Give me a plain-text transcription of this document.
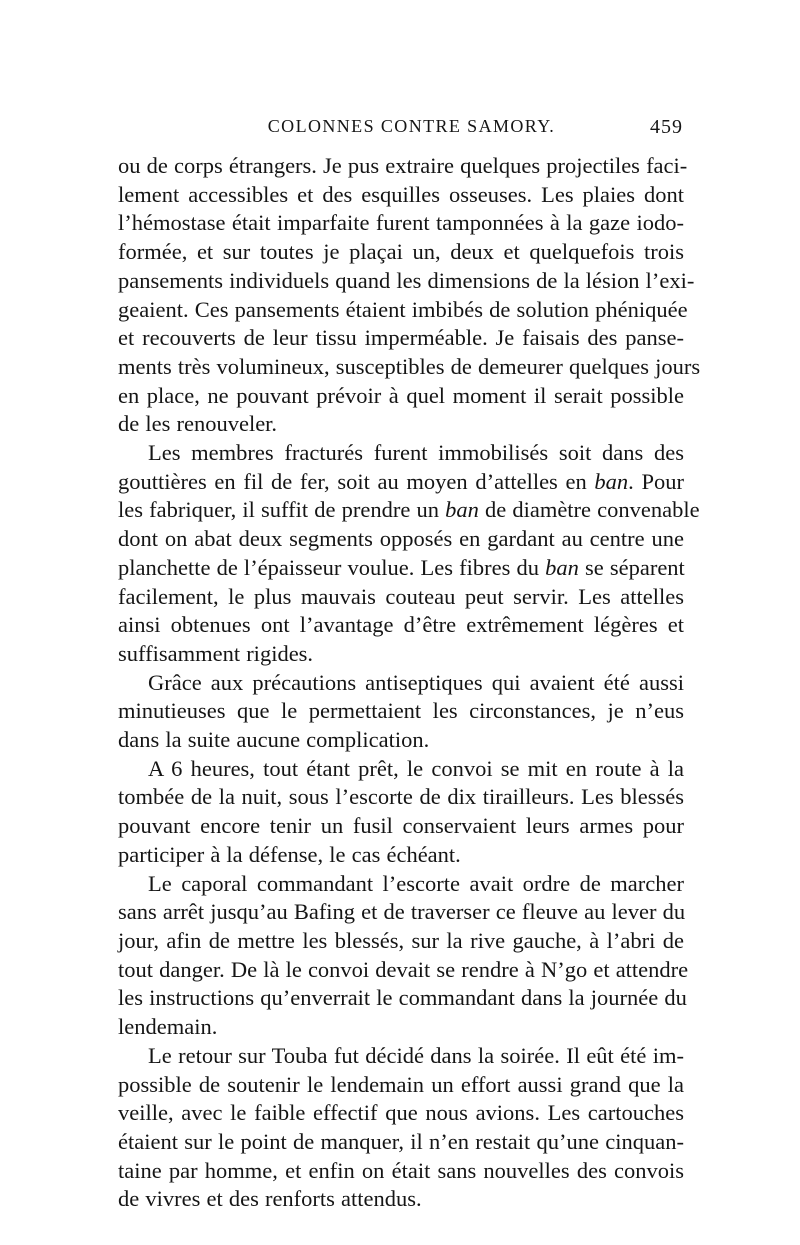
COLONNES CONTRE SAMORY.	459
ou de corps étrangers. Je pus extraire quelques projectiles faci-
lement accessibles et des esquilles osseuses. Les plaies dont
l’hémostase était imparfaite furent tamponnées à la gaze iodo-
formée, et sur toutes je plaçai un, deux et quelquefois trois
pansements individuels quand les dimensions de la lésion l’exi-
geaient. Ces pansements étaient imbibés de solution phéniquée
et recouverts de leur tissu imperméable. Je faisais des panse-
ments très volumineux, susceptibles de demeurer quelques jours
en place, ne pouvant prévoir à quel moment il serait possible
de les renouveler.
Les membres fracturés furent immobilisés soit dans des
gouttières en fil de fer, soit au moyen d’attelles en ban. Pour
les fabriquer, il suffit de prendre un ban de diamètre convenable
dont on abat deux segments opposés en gardant au centre une
planchette de l’épaisseur voulue. Les fibres du ban se séparent
facilement, le plus mauvais couteau peut servir. Les attelles
ainsi obtenues ont l’avantage d’être extrêmement légères et
suffisamment rigides.
Grâce aux précautions antiseptiques qui avaient été aussi
minutieuses que le permettaient les circonstances, je n’eus
dans la suite aucune complication.
A 6 heures, tout étant prêt, le convoi se mit en route à la
tombée de la nuit, sous l’escorte de dix tirailleurs. Les blessés
pouvant encore tenir un fusil conservaient leurs armes pour
participer à la défense, le cas échéant.
Le caporal commandant l’escorte avait ordre de marcher
sans arrêt jusqu’au Bafing et de traverser ce fleuve au lever du
jour, afin de mettre les blessés, sur la rive gauche, à l’abri de
tout danger. De là le convoi devait se rendre à N’go et attendre
les instructions qu’enverrait le commandant dans la journée du
lendemain.
Le retour sur Touba fut décidé dans la soirée. Il eût été im-
possible de soutenir le lendemain un effort aussi grand que la
veille, avec le faible effectif que nous avions. Les cartouches
étaient sur le point de manquer, il n’en restait qu’une cinquan-
taine par homme, et enfin on était sans nouvelles des convois
de vivres et des renforts attendus.
